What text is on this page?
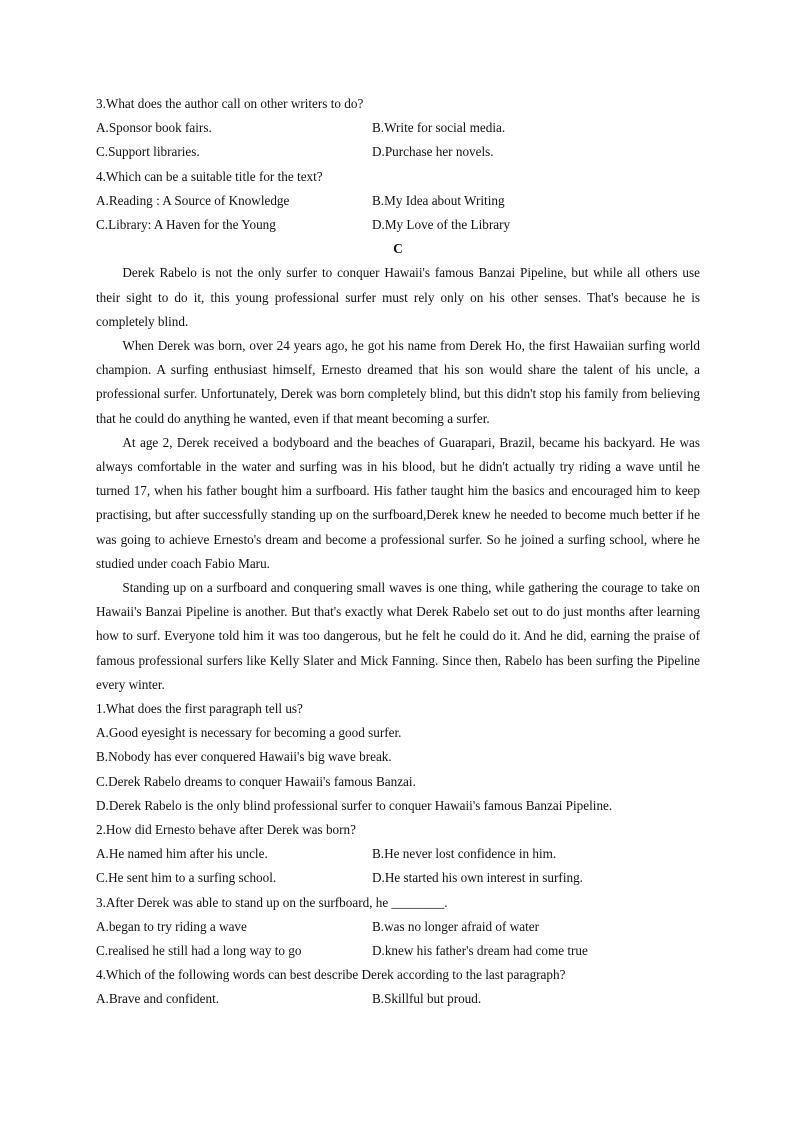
3.What does the author call on other writers to do?
A.Sponsor book fairs.	B.Write for social media.
C.Support libraries.	D.Purchase her novels.
4.Which can be a suitable title for the text?
A.Reading : A Source of Knowledge	B.My Idea about Writing
C.Library: A Haven for the Young	D.My Love of the Library
C

Derek Rabelo is not the only surfer to conquer Hawaii's famous Banzai Pipeline, but while all others use their sight to do it, this young professional surfer must rely only on his other senses. That's because he is completely blind.

When Derek was born, over 24 years ago, he got his name from Derek Ho, the first Hawaiian surfing world champion. A surfing enthusiast himself, Ernesto dreamed that his son would share the talent of his uncle, a professional surfer. Unfortunately, Derek was born completely blind, but this didn't stop his family from believing that he could do anything he wanted, even if that meant becoming a surfer.

At age 2, Derek received a bodyboard and the beaches of Guarapari, Brazil, became his backyard. He was always comfortable in the water and surfing was in his blood, but he didn't actually try riding a wave until he turned 17, when his father bought him a surfboard. His father taught him the basics and encouraged him to keep practising, but after successfully standing up on the surfboard,Derek knew he needed to become much better if he was going to achieve Ernesto's dream and become a professional surfer. So he joined a surfing school, where he studied under coach Fabio Maru.

Standing up on a surfboard and conquering small waves is one thing, while gathering the courage to take on Hawaii's Banzai Pipeline is another. But that's exactly what Derek Rabelo set out to do just months after learning how to surf. Everyone told him it was too dangerous, but he felt he could do it. And he did, earning the praise of famous professional surfers like Kelly Slater and Mick Fanning. Since then, Rabelo has been surfing the Pipeline every winter.

1.What does the first paragraph tell us?
A.Good eyesight is necessary for becoming a good surfer.
B.Nobody has ever conquered Hawaii's big wave break.
C.Derek Rabelo dreams to conquer Hawaii's famous Banzai.
D.Derek Rabelo is the only blind professional surfer to conquer Hawaii's famous Banzai Pipeline.
2.How did Ernesto behave after Derek was born?
A.He named him after his uncle.	B.He never lost confidence in him.
C.He sent him to a surfing school.	D.He started his own interest in surfing.
3.After Derek was able to stand up on the surfboard, he ________.
A.began to try riding a wave	B.was no longer afraid of water
C.realised he still had a long way to go	D.knew his father's dream had come true
4.Which of the following words can best describe Derek according to the last paragraph?
A.Brave and confident.	B.Skillful but proud.
